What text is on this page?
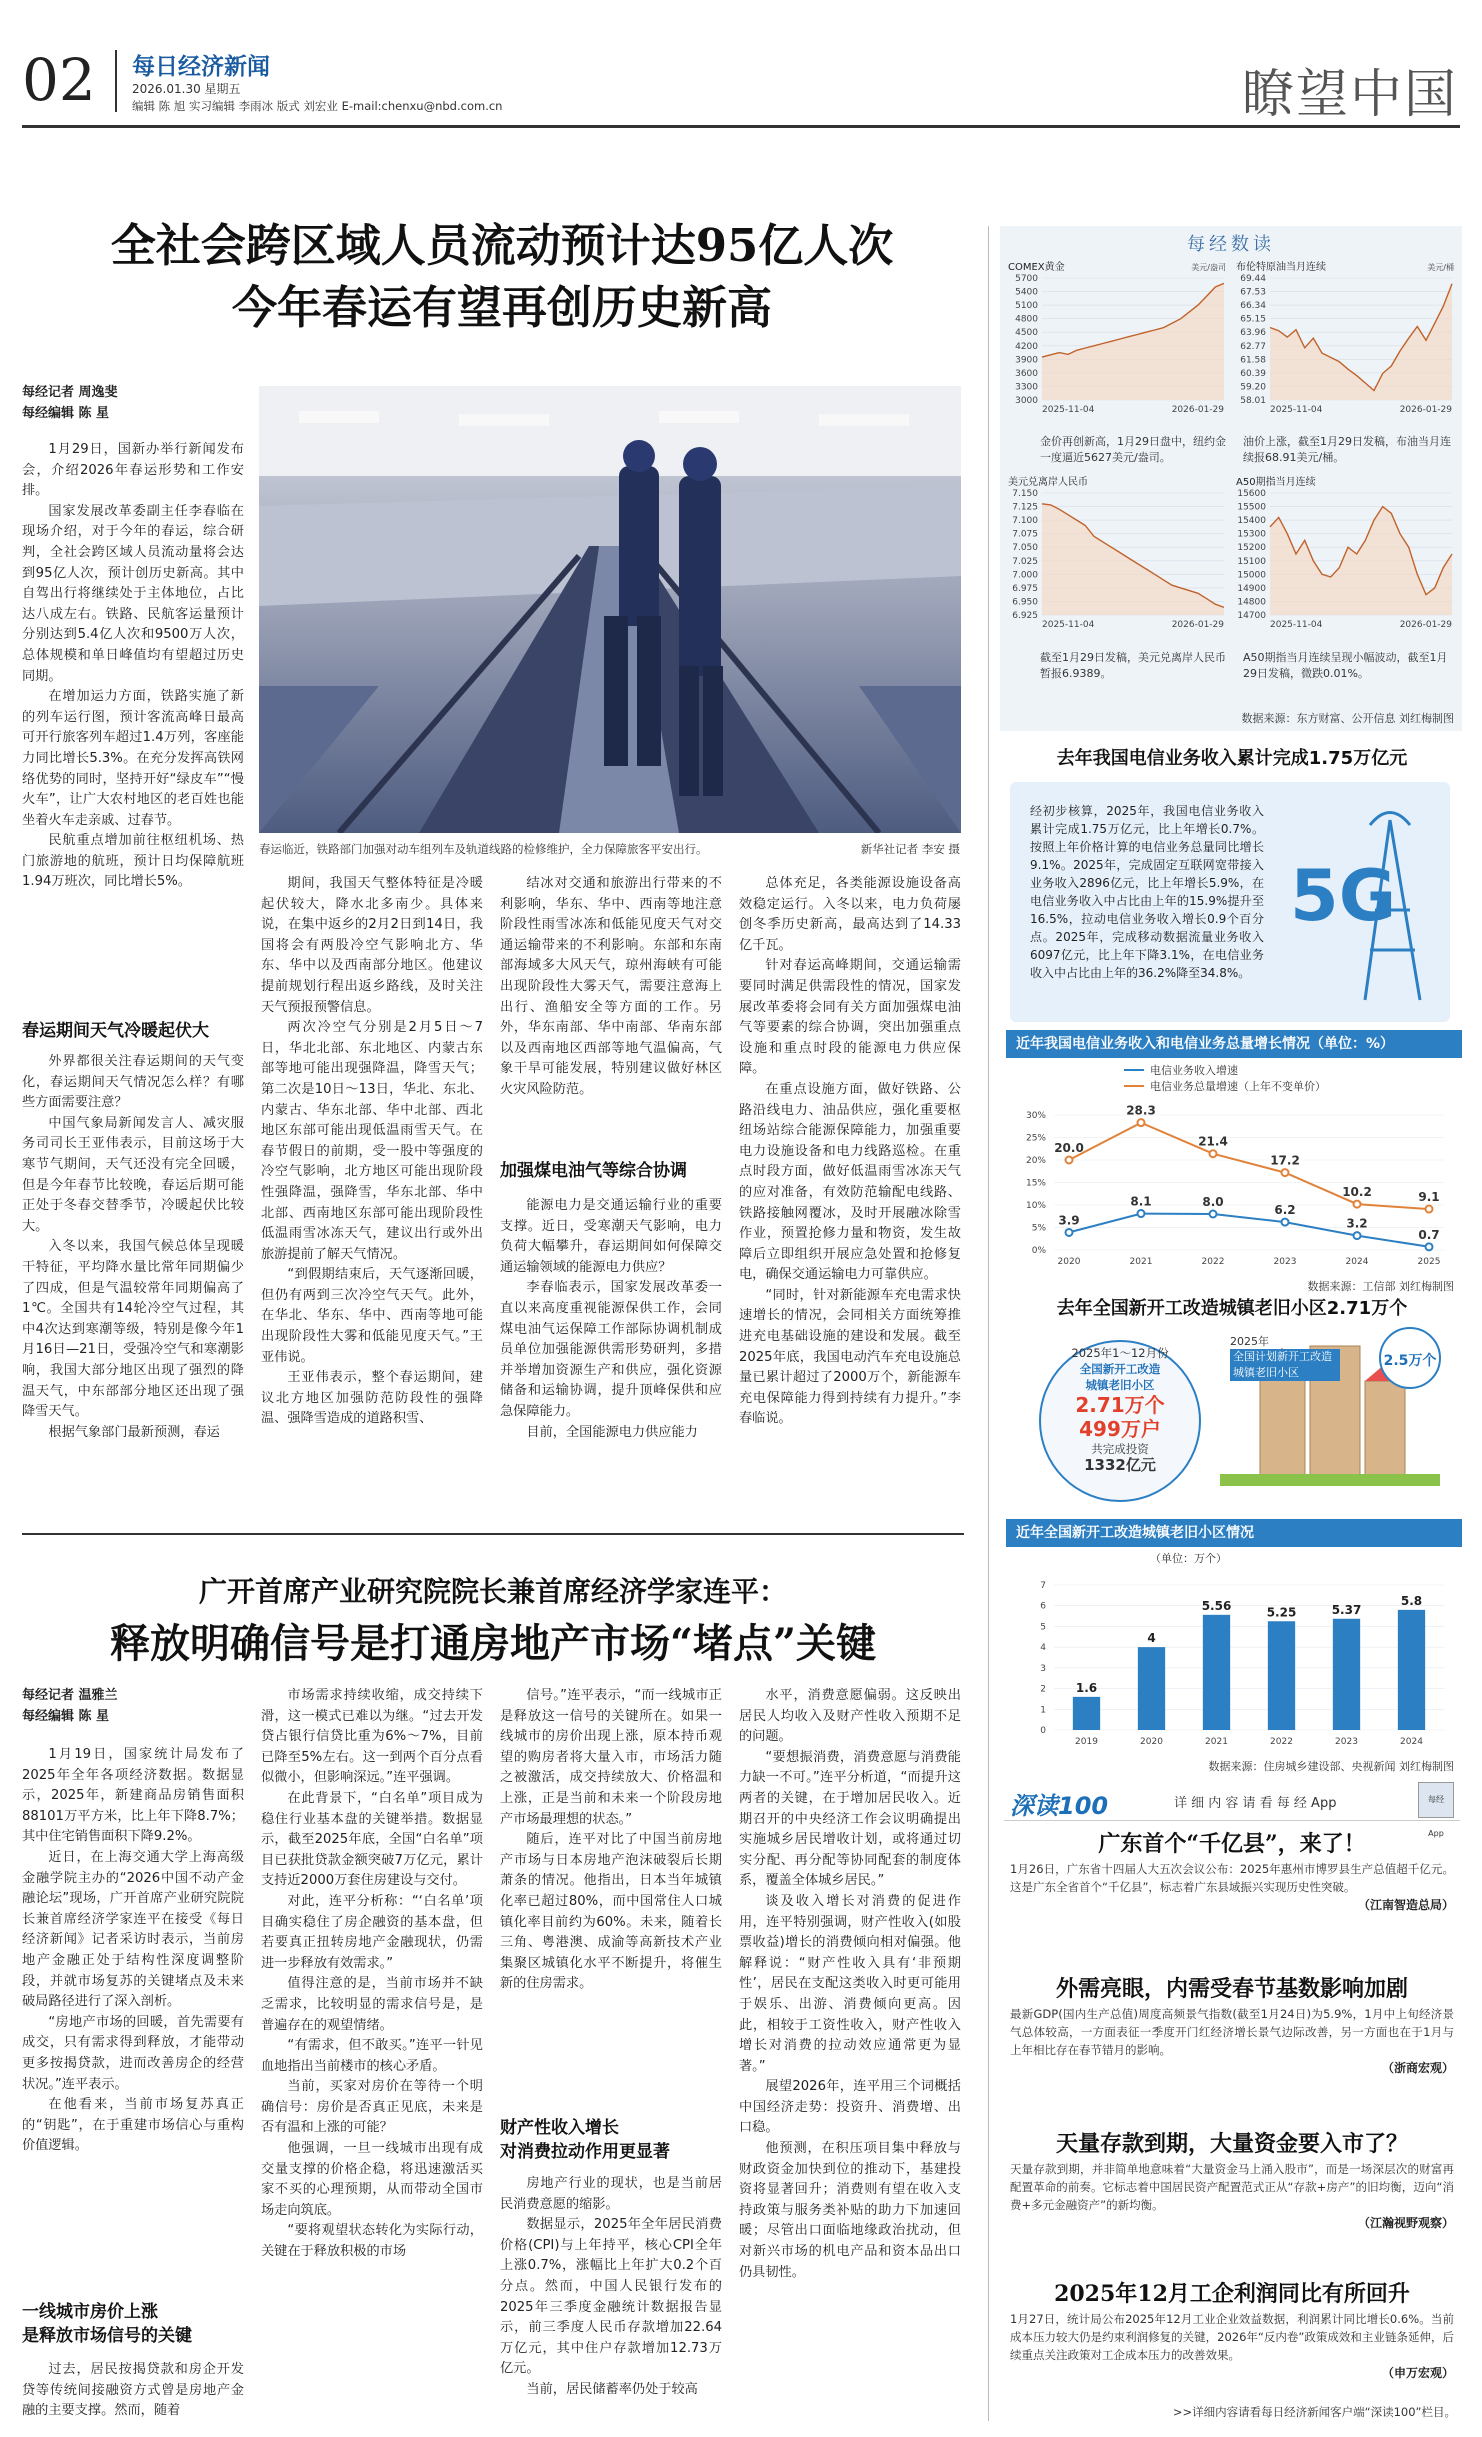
02 每日经济新闻
2026.01.30 星期五
编辑 陈 旭 实习编辑 李雨冰 版式 刘宏业 E-mail:chenxu@nbd.com.cn	瞭望中国
全社会跨区域人员流动预计达95亿人次
今年春运有望再创历史新高
每经记者 周逸斐
每经编辑 陈 星
春运临近，铁路部门加强对动车组列车及轨道线路的检修维护，全力保障旅客平安出行。	新华社记者 李安 摄

1月29日，国新办举行新闻发布会，介绍2026年春运形势和工作安排。

国家发展改革委副主任李春临在现场介绍，对于今年的春运，综合研判，全社会跨区域人员流动量将会达到95亿人次，预计创历史新高。其中自驾出行将继续处于主体地位，占比达八成左右。铁路、民航客运量预计分别达到5.4亿人次和9500万人次，总体规模和单日峰值均有望超过历史同期。

在增加运力方面，铁路实施了新的列车运行图，预计客流高峰日最高可开行旅客列车超过1.4万列，客座能力同比增长5.3%。在充分发挥高铁网络优势的同时，坚持开好“绿皮车”“慢火车”，让广大农村地区的老百姓也能坐着火车走亲戚、过春节。

民航重点增加前往枢纽机场、热门旅游地的航班，预计日均保障航班1.94万班次，同比增长5%。

春运期间天气冷暖起伏大

外界都很关注春运期间的天气变化，春运期间天气情况怎么样？有哪些方面需要注意？

中国气象局新闻发言人、减灾服务司司长王亚伟表示，目前这场于大寒节气期间，天气还没有完全回暖，但是今年春节比较晚，春运后期可能正处于冬春交替季节，冷暖起伏比较大。

入冬以来，我国气候总体呈现暖干特征，平均降水量比常年同期偏少了四成，但是气温较常年同期偏高了1℃。全国共有14轮冷空气过程，其中4次达到寒潮等级，特别是像今年1月16日—21日，受强冷空气和寒潮影响，我国大部分地区出现了强烈的降温天气，中东部部分地区还出现了强降雪天气。

根据气象部门最新预测，春运

期间，我国天气整体特征是冷暖起伏较大，降水北多南少。具体来说，在集中返乡的2月2日到14日，我国将会有两股冷空气影响北方、华东、华中以及西南部分地区。他建议提前规划行程出返乡路线，及时关注天气预报预警信息。

两次冷空气分别是2月5日～7日，华北北部、东北地区、内蒙古东部等地可能出现强降温，降雪天气；第二次是10日～13日，华北、东北、内蒙古、华东北部、华中北部、西北地区东部可能出现低温雨雪天气。在春节假日的前期，受一股中等强度的冷空气影响，北方地区可能出现阶段性强降温，强降雪，华东北部、华中北部、西南地区东部可能出现阶段性低温雨雪冰冻天气，建议出行或外出旅游提前了解天气情况。

“到假期结束后，天气逐渐回暖，但仍有两到三次冷空气天气。此外，在华北、华东、华中、西南等地可能出现阶段性大雾和低能见度天气。”王亚伟说。

王亚伟表示，整个春运期间，建议北方地区加强防范防段性的强降温、强降雪造成的道路积雪、

结冰对交通和旅游出行带来的不利影响，华东、华中、西南等地注意阶段性雨雪冰冻和低能见度天气对交通运输带来的不利影响。东部和东南部海域多大风天气，琼州海峡有可能出现阶段性大雾天气，需要注意海上出行、渔船安全等方面的工作。另外，华东南部、华中南部、华南东部以及西南地区西部等地气温偏高，气象干旱可能发展，特别建议做好林区火灾风险防范。

加强煤电油气等综合协调

能源电力是交通运输行业的重要支撑。近日，受寒潮天气影响，电力负荷大幅攀升，春运期间如何保障交通运输领域的能源电力供应？

李春临表示，国家发展改革委一直以来高度重视能源保供工作，会同煤电油气运保障工作部际协调机制成员单位加强能源供需形势研判，多措并举增加资源生产和供应，强化资源储备和运输协调，提升顶峰保供和应急保障能力。

目前，全国能源电力供应能力

总体充足，各类能源设施设备高效稳定运行。入冬以来，电力负荷屡创冬季历史新高，最高达到了14.33亿千瓦。

针对春运高峰期间，交通运输需要同时满足供需段性的情况，国家发展改革委将会同有关方面加强煤电油气等要素的综合协调，突出加强重点设施和重点时段的能源电力供应保障。

在重点设施方面，做好铁路、公路沿线电力、油品供应，强化重要枢纽场站综合能源保障能力，加强重要电力设施设备和电力线路巡检。在重点时段方面，做好低温雨雪冰冻天气的应对准备，有效防范输配电线路、铁路接触网覆冰，及时开展融冰除雪作业，预置抢修力量和物资，发生故障后立即组织开展应急处置和抢修复电，确保交通运输电力可靠供应。

“同时，针对新能源车充电需求快速增长的情况，会同相关方面统筹推进充电基础设施的建设和发展。截至2025年底，我国电动汽车充电设施总量已累计超过了2000万个，新能源车充电保障能力得到持续有力提升。”李春临说。

广开首席产业研究院院长兼首席经济学家连平：
释放明确信号是打通房地产市场“堵点”关键
每经记者 温雅兰
每经编辑 陈 星

1月19日，国家统计局发布了2025年全年各项经济数据。数据显示，2025年，新建商品房销售面积88101万平方米，比上年下降8.7%；其中住宅销售面积下降9.2%。

近日，在上海交通大学上海高级金融学院主办的“2026中国不动产金融论坛”现场，广开首席产业研究院院长兼首席经济学家连平在接受《每日经济新闻》记者采访时表示，当前房地产金融正处于结构性深度调整阶段，并就市场复苏的关键堵点及未来破局路径进行了深入剖析。

“房地产市场的回暖，首先需要有成交，只有需求得到释放，才能带动更多按揭贷款，进而改善房企的经营状况。”连平表示。

在他看来，当前市场复苏真正的“钥匙”，在于重建市场信心与重构价值逻辑。

一线城市房价上涨
是释放市场信号的关键

过去，居民按揭贷款和房企开发贷等传统间接融资方式曾是房地产金融的主要支撑。然而，随着

市场需求持续收缩，成交持续下滑，这一模式已难以为继。“过去开发贷占银行信贷比重为6%～7%，目前已降至5%左右。这一到两个百分点看似微小，但影响深远。”连平强调。

在此背景下，“白名单”项目成为稳住行业基本盘的关键举措。数据显示，截至2025年底，全国“白名单”项目已获批贷款金额突破7万亿元，累计支持近2000万套住房建设与交付。

对此，连平分析称：“‘白名单’项目确实稳住了房企融资的基本盘，但若要真正扭转房地产金融现状，仍需进一步释放有效需求。”

值得注意的是，当前市场并不缺乏需求，比较明显的需求信号是，是普遍存在的观望情绪。

“有需求，但不敢买。”连平一针见血地指出当前楼市的核心矛盾。

当前，买家对房价在等待一个明确信号：房价是否真正见底，未来是否有温和上涨的可能？

他强调，一旦一线城市出现有成交量支撑的价格企稳，将迅速激活买家不买的心理预期，从而带动全国市场走向筑底。

“要将观望状态转化为实际行动，关键在于释放积极的市场

信号。”连平表示，“而一线城市正是释放这一信号的关键所在。如果一线城市的房价出现上涨，原本持币观望的购房者将大量入市，市场活力随之被激活，成交持续放大、价格温和上涨，正是当前和未来一个阶段房地产市场最理想的状态。”

随后，连平对比了中国当前房地产市场与日本房地产泡沫破裂后长期萧条的情况。他指出，日本当年城镇化率已超过80%，而中国常住人口城镇化率目前约为60%。未来，随着长三角、粤港澳、成渝等高新技术产业集聚区城镇化水平不断提升，将催生新的住房需求。

财产性收入增长
对消费拉动作用更显著

房地产行业的现状，也是当前居民消费意愿的缩影。

数据显示，2025年全年居民消费价格(CPI)与上年持平，核心CPI全年上涨0.7%，涨幅比上年扩大0.2个百分点。然而，中国人民银行发布的2025年三季度金融统计数据报告显示，前三季度人民币存款增加22.64万亿元，其中住户存款增加12.73万亿元。

当前，居民储蓄率仍处于较高

水平，消费意愿偏弱。这反映出居民人均收入及财产性收入预期不足的问题。

“要想振消费，消费意愿与消费能力缺一不可。”连平分析道，“而提升这两者的关键，在于增加居民收入。近期召开的中央经济工作会议明确提出实施城乡居民增收计划，或将通过切实分配、再分配等协同配套的制度体系，覆盖全体城乡居民。”

谈及收入增长对消费的促进作用，连平特别强调，财产性收入(如股票收益)增长的消费倾向相对偏强。他解释说：“财产性收入具有‘非预期性’，居民在支配这类收入时更可能用于娱乐、出游、消费倾向更高。因此，相较于工资性收入，财产性收入增长对消费的拉动效应通常更为显著。”

展望2026年，连平用三个词概括中国经济走势：投资升、消费增、出口稳。

他预测，在积压项目集中释放与财政资金加快到位的推动下，基建投资将显著回升；消费则有望在收入支持政策与服务类补贴的助力下加速回暖；尽管出口面临地缘政治扰动，但对新兴市场的机电产品和资本品出口仍具韧性。

每经数读
COMEX黄金	美元/盎司
5700
5400
5100
4800
4500
4200
3900
3600
3300
3000
2025-11-04	2026-01-29
布伦特原油当月连续	美元/桶
69.44
67.53
66.34
65.15
63.96
62.77
61.58
60.39
59.20
58.01
2025-11-04	2026-01-29
美元兑离岸人民币
7.150
7.125
7.100
7.075
7.050
7.025
7.000
6.975
6.950
6.925
2025-11-04	2026-01-29
A50期指当月连续
15600
15500
15400
15300
15200
15100
15000
14900
14800
14700
2025-11-04	2026-01-29
金价再创新高，1月29日盘中，纽约金一度逼近5627美元/盎司。
油价上涨，截至1月29日发稿，布油当月连续报68.91美元/桶。
截至1月29日发稿，美元兑离岸人民币暂报6.9389。
A50期指当月连续呈现小幅波动，截至1月29日发稿，微跌0.01%。
数据来源：东方财富、公开信息 刘红梅制图
去年我国电信业务收入累计完成1.75万亿元
经初步核算，2025年，我国电信业务收入累计完成1.75万亿元，比上年增长0.7%。按照上年价格计算的电信业务总量同比增长9.1%。2025年，完成固定互联网宽带接入业务收入2896亿元，比上年增长5.9%，在电信业务收入中占比由上年的15.9%提升至16.5%，拉动电信业务收入增长0.9个百分点。2025年，完成移动数据流量业务收入6097亿元，比上年下降3.1%，在电信业务收入中占比由上年的36.2%降至34.8%。
5G
近年我国电信业务收入和电信业务总量增长情况（单位：%）
电信业务收入增速
电信业务总量增速（上年不变单价）
0%
5%
10%
15%
20%
25%
30%
2020	2021	2022	2023	2024	2025
3.9
8.1	8.0
6.2
3.2
0.7
20.0
28.3
21.4
17.2
10.2	9.1
数据来源：工信部 刘红梅制图
去年全国新开工改造城镇老旧小区2.71万个
2025年1～12月份
全国新开工改造
城镇老旧小区
2.71万个
499万户
共完成投资
1332亿元
2025年
全国计划新开工改造
城镇老旧小区
2.5万个
近年全国新开工改造城镇老旧小区情况
（单位：万个）
0
1
2
3
4
5
6
7
1.6
2019
4
2020
5.56
2021
5.25
2022
5.37
2023
5.8
2024
数据来源：住房城乡建设部、央视新闻 刘红梅制图
深读100	详 细 内 容 请 看 每 经 App	每经 App
广东首个“千亿县”，来了！
1月26日，广东省十四届人大五次会议公布：2025年惠州市博罗县生产总值超千亿元。这是广东全省首个“千亿县”，标志着广东县域振兴实现历史性突破。
（江南智造总局）
外需亮眼，内需受春节基数影响加剧
最新GDP(国内生产总值)周度高频景气指数(截至1月24日)为5.9%，1月中上旬经济景气总体较高，一方面表征一季度开门红经济增长景气边际改善，另一方面也在于1月与上年相比存在春节错月的影响。
（浙商宏观）
天量存款到期，大量资金要入市了？
天量存款到期，并非简单地意味着“大量资金马上涌入股市”，而是一场深层次的财富再配置革命的前奏。它标志着中国居民资产配置范式正从“存款+房产”的旧均衡，迈向“消费+多元金融资产”的新均衡。
（江瀚视野观察）
2025年12月工企利润同比有所回升
1月27日，统计局公布2025年12月工业企业效益数据，利润累计同比增长0.6%。当前成本压力较大仍是约束利润修复的关键，2026年“反内卷”政策成效和主业链条延伸，后续重点关注政策对工企成本压力的改善效果。
（申万宏观）
>>详细内容请看每日经济新闻客户端“深读100”栏目。
